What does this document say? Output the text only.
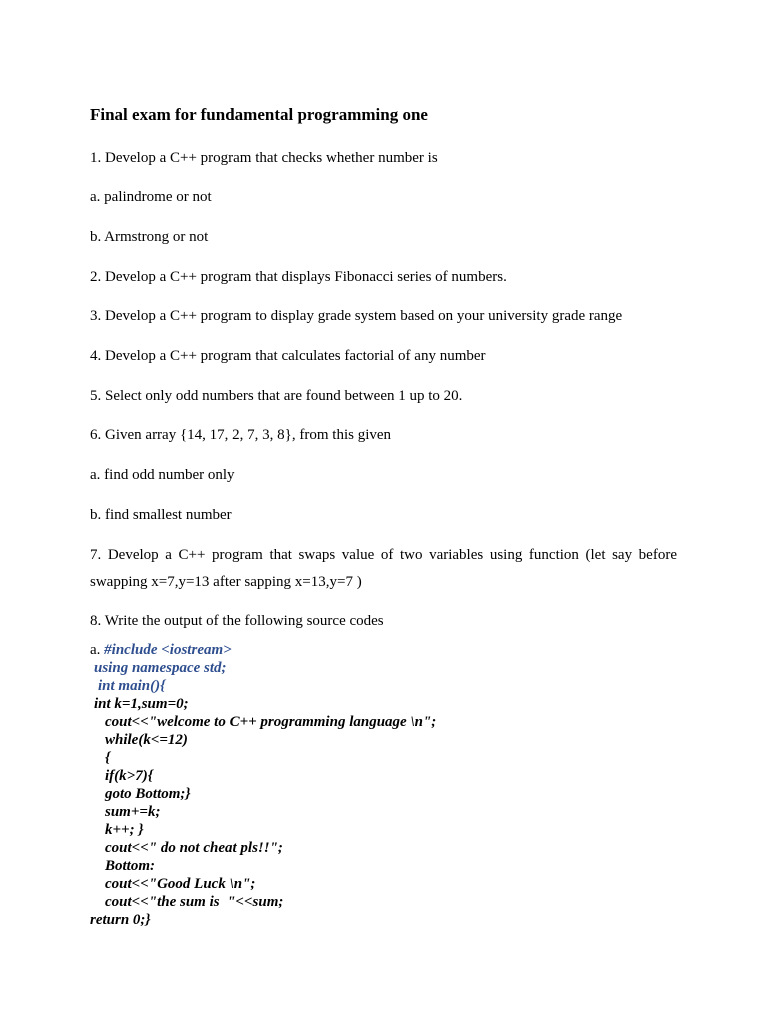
Final exam for fundamental programming one
1. Develop a C++ program that checks whether number is
a. palindrome or not
b. Armstrong or not
2. Develop a C++ program that displays Fibonacci series of numbers.
3. Develop a C++ program to display grade system based on your university grade range
4. Develop a C++ program that calculates factorial of any number
5. Select only odd numbers that are found between 1 up to 20.
6. Given array {14, 17, 2, 7, 3, 8}, from this given
a. find odd number only
b. find smallest number
7. Develop a C++ program that swaps value of two variables using function (let say before swapping x=7,y=13 after sapping x=13,y=7 )
8. Write the output of the following source codes
a. #include <iostream>
using namespace std;
int main(){
int k=1,sum=0;
cout<<"welcome to C++ programming language \n";
while(k<=12)
{
if(k>7){
goto Bottom;}
sum+=k;
k++; }
cout<<" do not cheat pls!!";
Bottom:
cout<<"Good Luck \n";
cout<<"the sum is  "<<sum;
return 0;}
